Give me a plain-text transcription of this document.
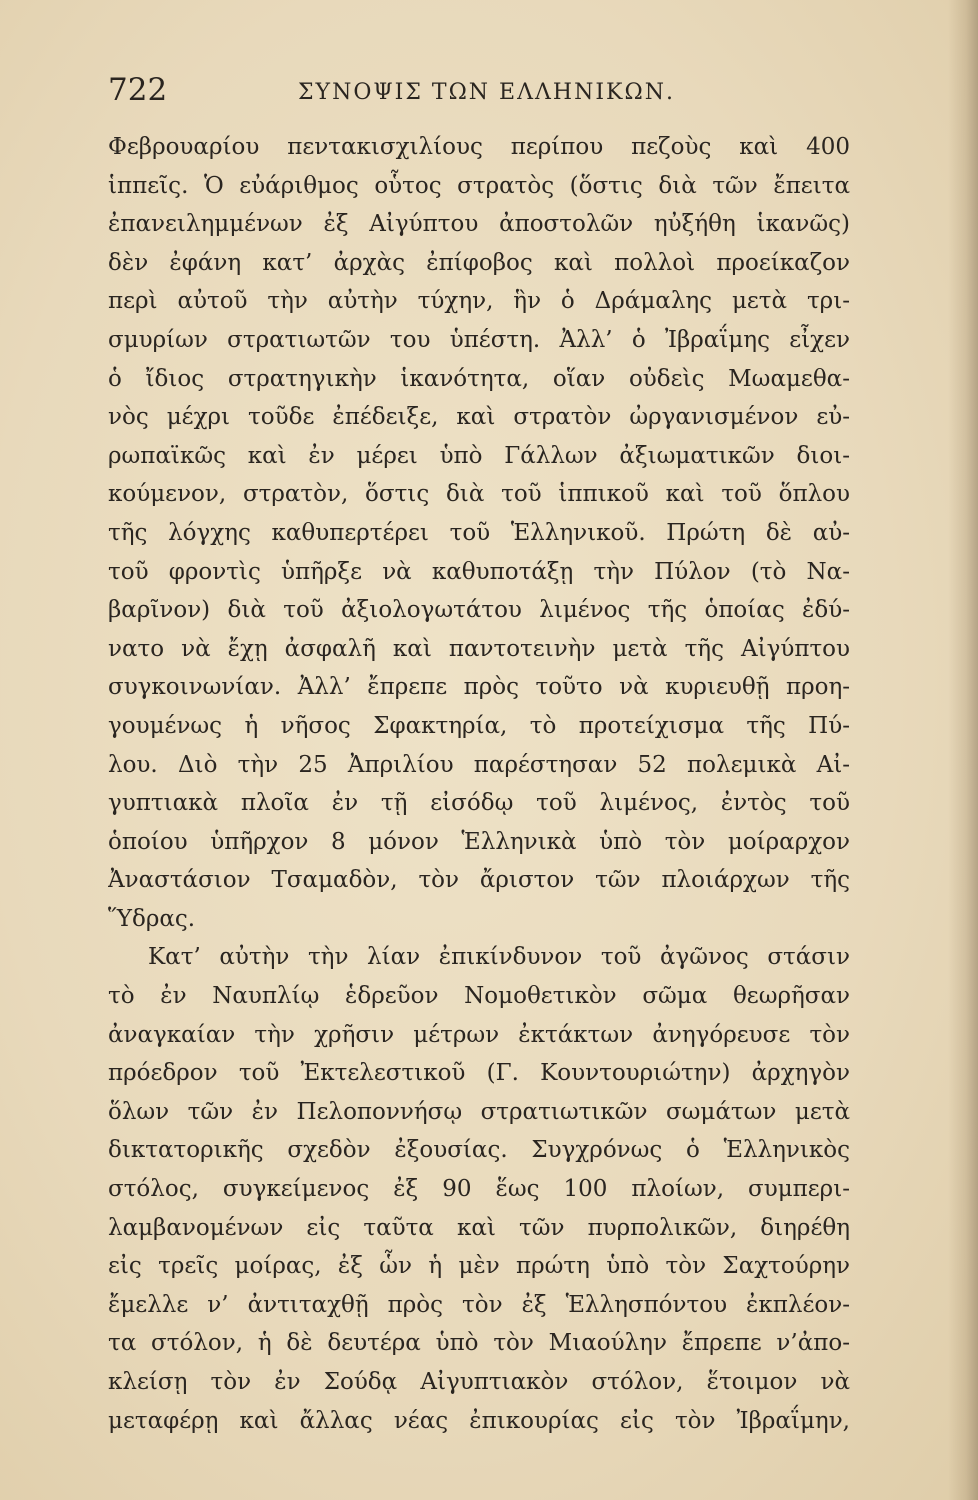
722	ΣΥΝΟΨΙΣ ΤΩΝ ΕΛΛΗΝΙΚΩΝ.
Φεβρουαρίου πεντακισχιλίους περίπου πεζοὺς καὶ 400
ἱππεῖς. Ὁ εὐάριθμος οὗτος στρατὸς (ὅστις διὰ τῶν ἔπειτα
ἐπανειλημμένων ἐξ Αἰγύπτου ἀποστολῶν ηὐξήθη ἱκανῶς)
δὲν ἐφάνη κατ’ ἀρχὰς ἐπίφοβος καὶ πολλοὶ προείκαζον
περὶ αὐτοῦ τὴν αὐτὴν τύχην, ἣν ὁ Δράμαλης μετὰ τρι-
σμυρίων στρατιωτῶν του ὑπέστη. Ἀλλ’ ὁ Ἰβραΐμης εἶχεν
ὁ ἴδιος στρατηγικὴν ἱκανότητα, οἵαν οὐδεὶς Μωαμεθα-
νὸς μέχρι τοῦδε ἐπέδειξε, καὶ στρατὸν ὠργανισμένον εὐ-
ρωπαϊκῶς καὶ ἐν μέρει ὑπὸ Γάλλων ἀξιωματικῶν διοι-
κούμενον, στρατὸν, ὅστις διὰ τοῦ ἱππικοῦ καὶ τοῦ ὅπλου
τῆς λόγχης καθυπερτέρει τοῦ Ἑλληνικοῦ. Πρώτη δὲ αὐ-
τοῦ φροντὶς ὑπῆρξε νὰ καθυποτάξῃ τὴν Πύλον (τὸ Να-
βαρῖνον) διὰ τοῦ ἀξιολογωτάτου λιμένος τῆς ὁποίας ἐδύ-
νατο νὰ ἔχῃ ἀσφαλῆ καὶ παντοτεινὴν μετὰ τῆς Αἰγύπτου
συγκοινωνίαν. Ἀλλ’ ἔπρεπε πρὸς τοῦτο νὰ κυριευθῇ προη-
γουμένως ἡ νῆσος Σφακτηρία, τὸ προτείχισμα τῆς Πύ-
λου. Διὸ τὴν 25 Ἀπριλίου παρέστησαν 52 πολεμικὰ Αἰ-
γυπτιακὰ πλοῖα ἐν τῇ εἰσόδῳ τοῦ λιμένος, ἐντὸς τοῦ
ὁποίου ὑπῆρχον 8 μόνον Ἑλληνικὰ ὑπὸ τὸν μοίραρχον
Ἀναστάσιον Τσαμαδὸν, τὸν ἄριστον τῶν πλοιάρχων τῆς
Ὕδρας.
Κατ’ αὐτὴν τὴν λίαν ἐπικίνδυνον τοῦ ἀγῶνος στάσιν
τὸ ἐν Ναυπλίῳ ἑδρεῦον Νομοθετικὸν σῶμα θεωρῆσαν
ἀναγκαίαν τὴν χρῆσιν μέτρων ἐκτάκτων ἀνηγόρευσε τὸν
πρόεδρον τοῦ Ἐκτελεστικοῦ (Γ. Κουντουριώτην) ἀρχηγὸν
ὅλων τῶν ἐν Πελοποννήσῳ στρατιωτικῶν σωμάτων μετὰ
δικτατορικῆς σχεδὸν ἐξουσίας. Συγχρόνως ὁ Ἑλληνικὸς
στόλος, συγκείμενος ἐξ 90 ἕως 100 πλοίων, συμπερι-
λαμβανομένων εἰς ταῦτα καὶ τῶν πυρπολικῶν, διηρέθη
εἰς τρεῖς μοίρας, ἐξ ὧν ἡ μὲν πρώτη ὑπὸ τὸν Σαχτούρην
ἔμελλε ν’ ἀντιταχθῇ πρὸς τὸν ἐξ Ἑλλησπόντου ἐκπλέον-
τα στόλον, ἡ δὲ δευτέρα ὑπὸ τὸν Μιαούλην ἔπρεπε ν’ἀπο-
κλείσῃ τὸν ἐν Σούδᾳ Αἰγυπτιακὸν στόλον, ἕτοιμον νὰ
μεταφέρῃ καὶ ἄλλας νέας ἐπικουρίας εἰς τὸν Ἰβραΐμην,
